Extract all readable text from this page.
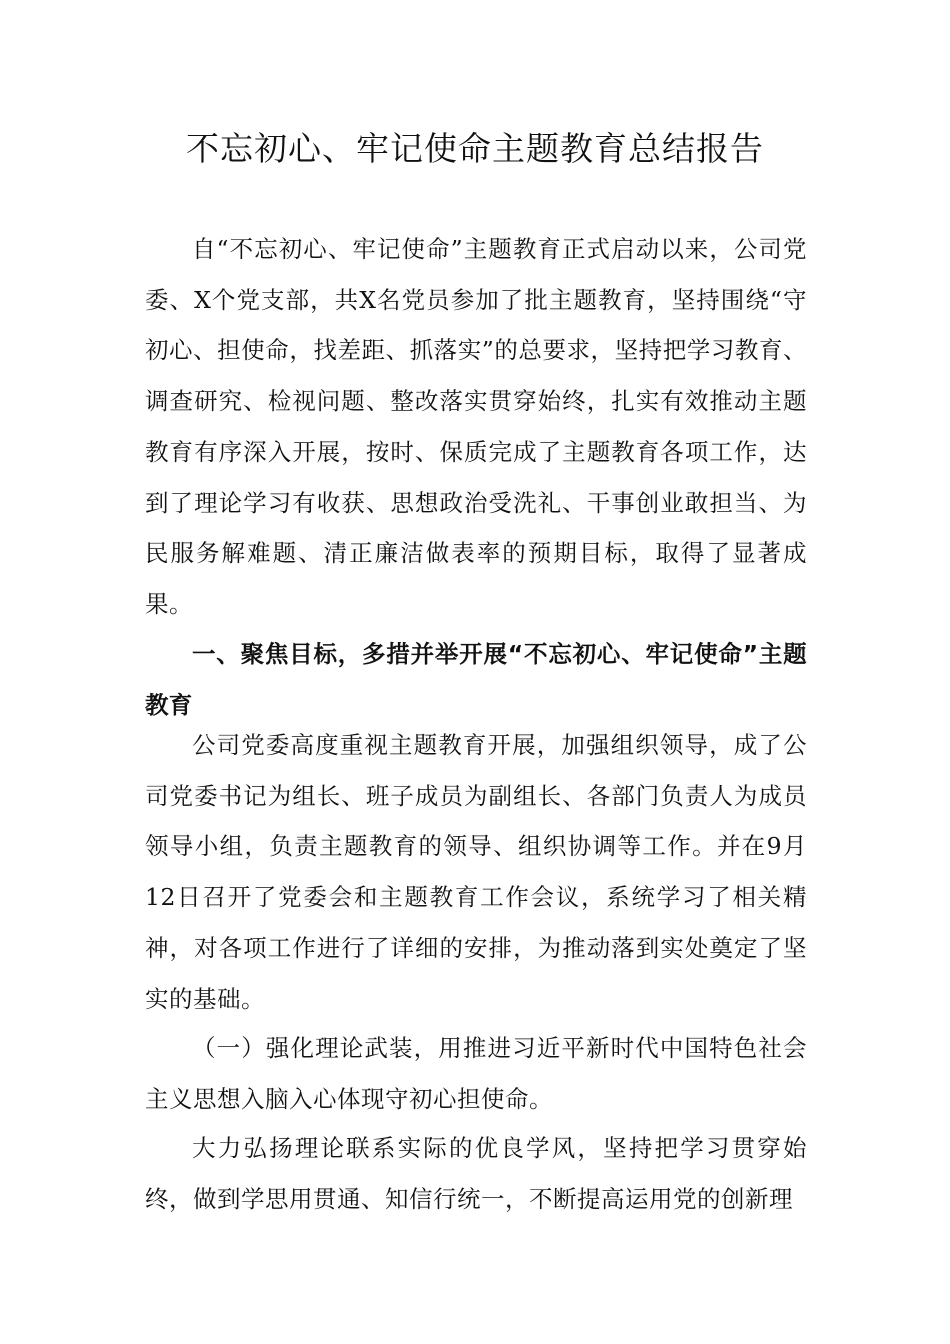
不忘初心、牢记使命主题教育总结报告

自“不忘初心、牢记使命”主题教育正式启动以来，公司党委、X个党支部，共X名党员参加了批主题教育，坚持围绕“守初心、担使命，找差距、抓落实”的总要求，坚持把学习教育、调查研究、检视问题、整改落实贯穿始终，扎实有效推动主题教育有序深入开展，按时、保质完成了主题教育各项工作，达到了理论学习有收获、思想政治受洗礼、干事创业敢担当、为民服务解难题、清正廉洁做表率的预期目标，取得了显著成果。

一、聚焦目标，多措并举开展“不忘初心、牢记使命”主题教育

公司党委高度重视主题教育开展，加强组织领导，成了公司党委书记为组长、班子成员为副组长、各部门负责人为成员领导小组，负责主题教育的领导、组织协调等工作。并在9月12日召开了党委会和主题教育工作会议，系统学习了相关精神，对各项工作进行了详细的安排，为推动落到实处奠定了坚实的基础。

（一）强化理论武装，用推进习近平新时代中国特色社会主义思想入脑入心体现守初心担使命。

大力弘扬理论联系实际的优良学风，坚持把学习贯穿始终，做到学思用贯通、知信行统一，不断提高运用党的创新理
